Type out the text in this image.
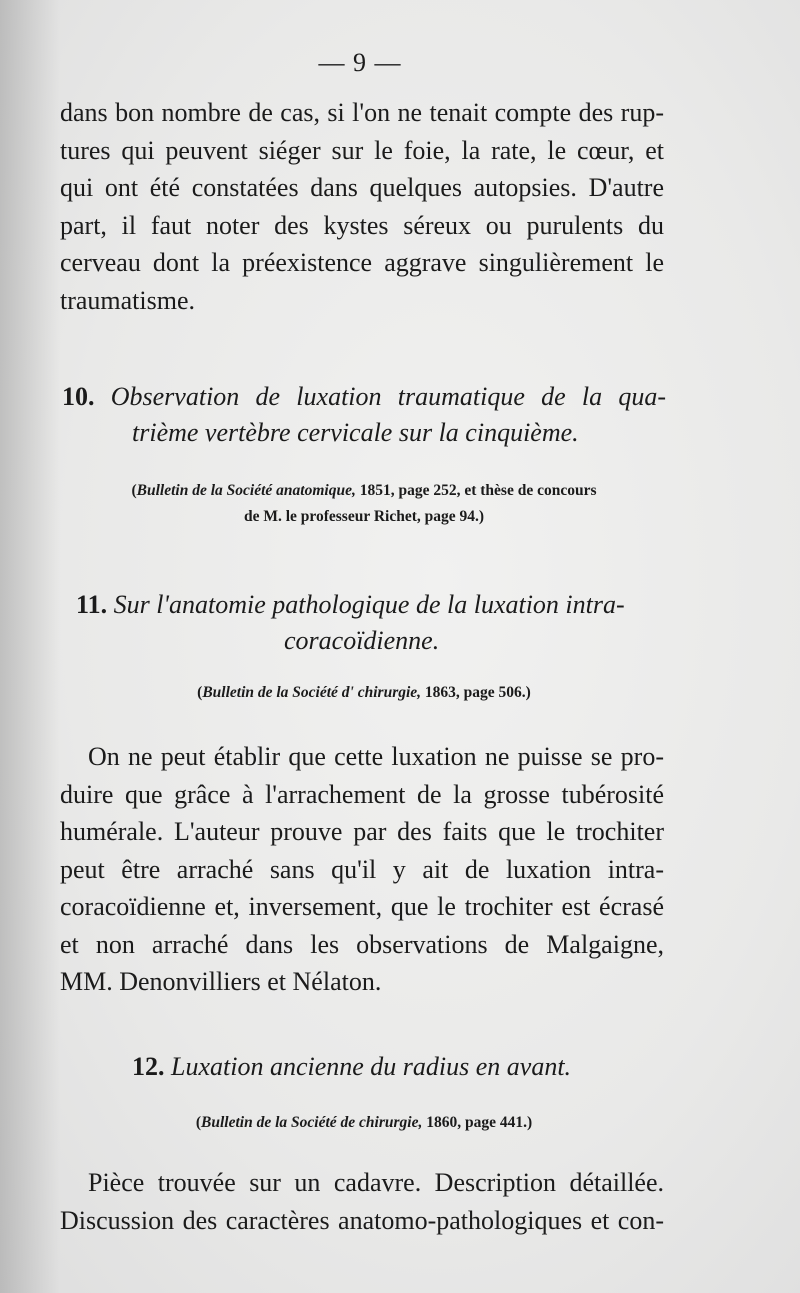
— 9 —
dans bon nombre de cas, si l'on ne tenait compte des rup-
tures qui peuvent siéger sur le foie, la rate, le cœur, et
qui ont été constatées dans quelques autopsies. D'autre
part, il faut noter des kystes séreux ou purulents du
cerveau dont la préexistence aggrave singulièrement le
traumatisme.
10. Observation de luxation traumatique de la qua-
trième vertèbre cervicale sur la cinquième.
(Bulletin de la Société anatomique, 1851, page 252, et thèse de concours
de M. le professeur Richet, page 94.)
11. Sur l'anatomie pathologique de la luxation intra-
coracoïdienne.
(Bulletin de la Société d' chirurgie, 1863, page 506.)
On ne peut établir que cette luxation ne puisse se pro-
duire que grâce à l'arrachement de la grosse tubérosité
humérale. L'auteur prouve par des faits que le trochiter
peut être arraché sans qu'il y ait de luxation intra-
coracoïdienne et, inversement, que le trochiter est écrasé
et non arraché dans les observations de Malgaigne,
MM. Denonvilliers et Nélaton.
12. Luxation ancienne du radius en avant.
(Bulletin de la Société de chirurgie, 1860, page 441.)
Pièce trouvée sur un cadavre. Description détaillée.
Discussion des caractères anatomo-pathologiques et con-
